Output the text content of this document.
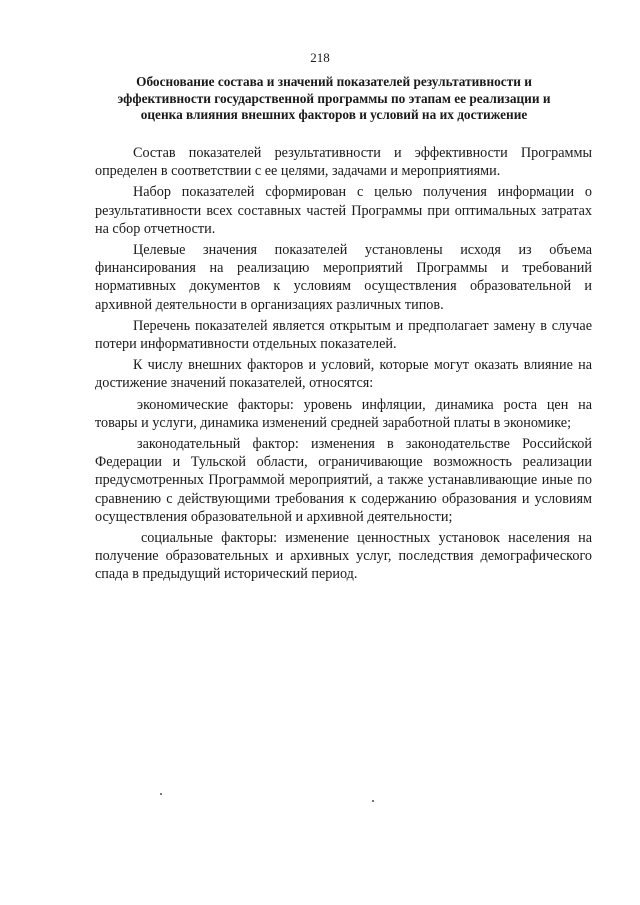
218
Обоснование состава и значений показателей результативности и
эффективности государственной программы по этапам ее реализации и
оценка влияния внешних факторов и условий на их достижение

Состав показателей результативности и эффективности Программы определен в соответствии с ее целями, задачами и мероприятиями.

Набор показателей сформирован с целью получения информации о результативности всех составных частей Программы при оптимальных затратах на сбор отчетности.

Целевые значения показателей установлены исходя из объема финансирования на реализацию мероприятий Программы и требований нормативных документов к условиям осуществления образовательной и архивной деятельности в организациях различных типов.

Перечень показателей является открытым и предполагает замену в случае потери информативности отдельных показателей.

К числу внешних факторов и условий, которые могут оказать влияние на достижение значений показателей, относятся:

экономические факторы: уровень инфляции, динамика роста цен на товары и услуги, динамика изменений средней заработной платы в экономике;

законодательный фактор: изменения в законодательстве Российской Федерации и Тульской области, ограничивающие возможность реализации предусмотренных Программой мероприятий, а также устанавливающие иные по сравнению с действующими требования к содержанию образования и условиям осуществления образовательной и архивной деятельности;

социальные факторы: изменение ценностных установок населения на получение образовательных и архивных услуг, последствия демографического спада в предыдущий исторический период.
